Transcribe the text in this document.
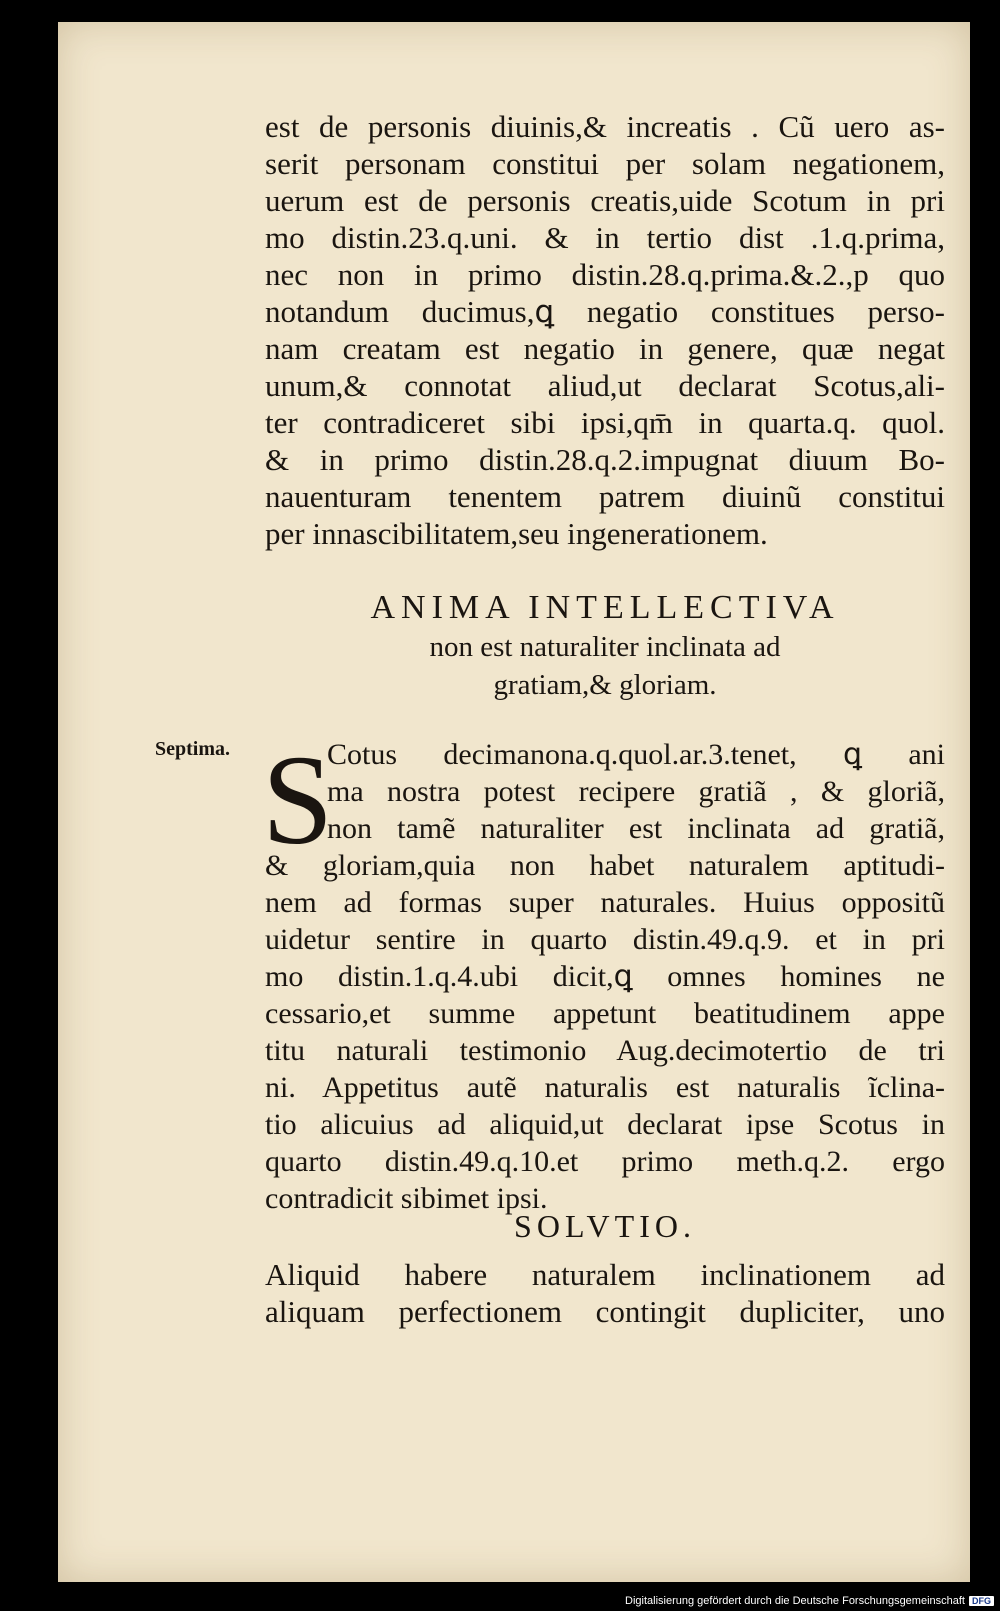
est de personis diuinis,& increatis . Cũ uero as-
serit personam constitui per solam negationem,
uerum est de personis creatis,uide Scotum in pri
mo distin.23.q.uni. & in tertio dist .1.q.prima,
nec non in primo distin.28.q.prima.&.2.,p quo
notandum ducimus,ꝗ negatio constitues perso-
nam creatam est negatio in genere, quæ negat
unum,& connotat aliud,ut declarat Scotus,ali-
ter contradiceret sibi ipsi,qm̄ in quarta.q. quol.
& in primo distin.28.q.2.impugnat diuum Bo-
nauenturam tenentem patrem diuinũ constitui
per innascibilitatem,seu ingenerationem.
ANIMA INTELLECTIVA
non est naturaliter inclinata ad
gratiam,& gloriam.
Septima. S
Cotus decimanona.q.quol.ar.3.tenet, ꝗ ani
ma nostra potest recipere gratiã , & gloriã,
non tamẽ naturaliter est inclinata ad gratiã,
& gloriam,quia non habet naturalem aptitudi-
nem ad formas super naturales. Huius oppositũ
uidetur sentire in quarto distin.49.q.9. et in pri
mo distin.1.q.4.ubi dicit,ꝗ omnes homines ne
cessario,et summe appetunt beatitudinem appe
titu naturali testimonio Aug.decimotertio de tri
ni. Appetitus autẽ naturalis est naturalis ĩclina-
tio alicuius ad aliquid,ut declarat ipse Scotus in
quarto distin.49.q.10.et primo meth.q.2. ergo
contradicit sibimet ipsi.
SOLVTIO.
Aliquid habere naturalem inclinationem ad
aliquam perfectionem contingit dupliciter, uno
Digitalisierung gefördert durch die Deutsche Forschungsgemeinschaft DFG
